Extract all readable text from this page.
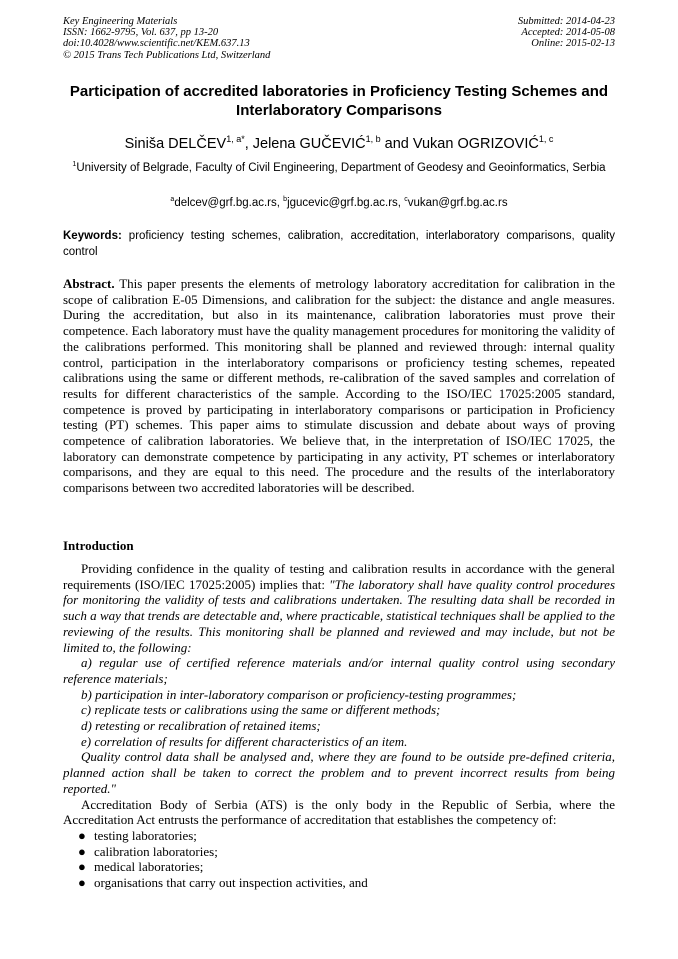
Key Engineering Materials
ISSN: 1662-9795, Vol. 637, pp 13-20
doi:10.4028/www.scientific.net/KEM.637.13
© 2015 Trans Tech Publications Ltd, Switzerland
Submitted: 2014-04-23
Accepted: 2014-05-08
Online: 2015-02-13
Participation of accredited laboratories in Proficiency Testing Schemes and Interlaboratory Comparisons
Siniša $DELČEV^{1, a*}$, Jelena GUČEVIĆ$^{1, b}$ and Vukan OGRIZOVIĆ$^{1, c}$
$^1$University of Belgrade, Faculty of Civil Engineering, Department of Geodesy and Geoinformatics, Serbia
$^a$delcev@grf.bg.ac.rs, $^b$jgucevic@grf.bg.ac.rs, $^c$vukan@grf.bg.ac.rs
Keywords: proficiency testing schemes, calibration, accreditation, interlaboratory comparisons, quality control
Abstract. This paper presents the elements of metrology laboratory accreditation for calibration in the scope of calibration E-05 Dimensions, and calibration for the subject: the distance and angle measures. During the accreditation, but also in its maintenance, calibration laboratories must prove their competence. Each laboratory must have the quality management procedures for monitoring the validity of the calibrations performed. This monitoring shall be planned and reviewed through: internal quality control, participation in the interlaboratory comparisons or proficiency testing schemes, repeated calibrations using the same or different methods, re-calibration of the saved samples and correlation of results for different characteristics of the sample. According to the ISO/IEC 17025:2005 standard, competence is proved by participating in interlaboratory comparisons or participation in Proficiency testing (PT) schemes. This paper aims to stimulate discussion and debate about ways of proving competence of calibration laboratories. We believe that, in the interpretation of ISO/IEC 17025, the laboratory can demonstrate competence by participating in any activity, PT schemes or interlaboratory comparisons, and they are equal to this need. The procedure and the results of the interlaboratory comparisons between two accredited laboratories will be described.
Introduction

Providing confidence in the quality of testing and calibration results in accordance with the general requirements (ISO/IEC 17025:2005) implies that: "The laboratory shall have quality control procedures for monitoring the validity of tests and calibrations undertaken. The resulting data shall be recorded in such a way that trends are detectable and, where practicable, statistical techniques shall be applied to the reviewing of the results. This monitoring shall be planned and reviewed and may include, but not be limited to, the following:

a) regular use of certified reference materials and/or internal quality control using secondary reference materials;

b) participation in inter-laboratory comparison or proficiency-testing programmes;

c) replicate tests or calibrations using the same or different methods;

d) retesting or recalibration of retained items;

e) correlation of results for different characteristics of an item.

Quality control data shall be analysed and, where they are found to be outside pre-defined criteria, planned action shall be taken to correct the problem and to prevent incorrect results from being reported."

Accreditation Body of Serbia (ATS) is the only body in the Republic of Serbia, where the Accreditation Act entrusts the performance of accreditation that establishes the competency of:

● testing laboratories;
● calibration laboratories;
● medical laboratories;
● organisations that carry out inspection activities, and
